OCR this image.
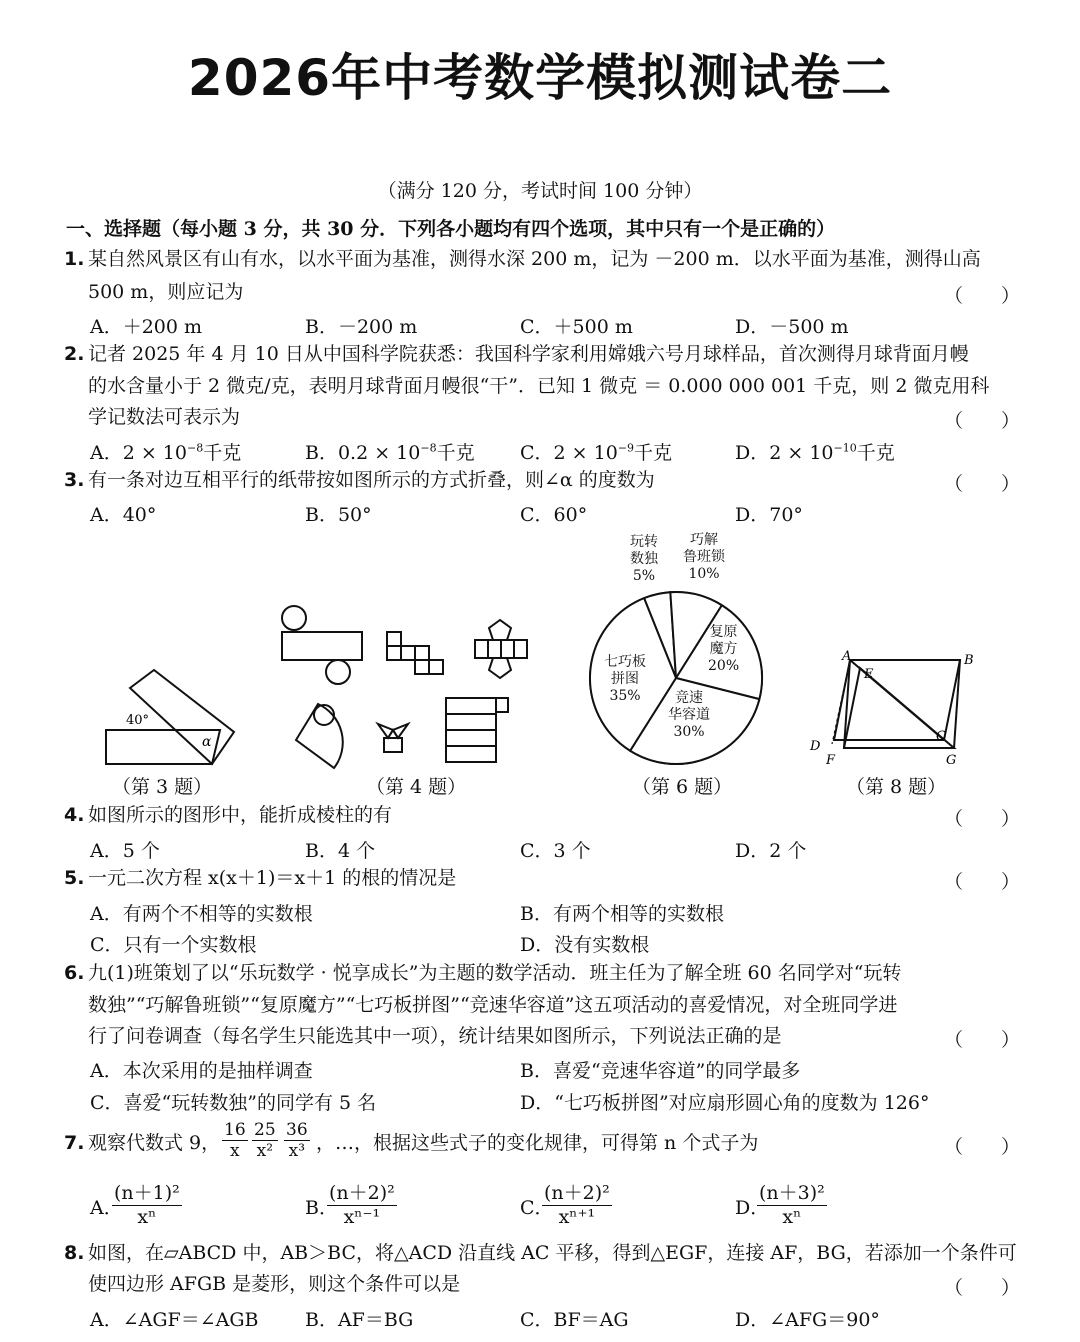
2026年中考数学模拟测试卷二
（满分 120 分，考试时间 100 分钟）
一、选择题（每小题 3 分，共 30 分．下列各小题均有四个选项，其中只有一个是正确的）
1. 某自然风景区有山有水，以水平面为基准，测得水深 200 m，记为 －200 m．以水平面为基准，测得山高
500 m，则应记为	（　　）
A．＋200 m	B．－200 m	C．＋500 m	D．－500 m
2. 记者 2025 年 4 月 10 日从中国科学院获悉：我国科学家利用嫦娥六号月球样品，首次测得月球背面月幔
的水含量小于 2 微克/克，表明月球背面月幔很“干”．已知 1 微克 ＝ 0.000 000 001 千克，则 2 微克用科
学记数法可表示为	（　　）
A．$2 \times 10^{-8}$千克	B．$0.2 \times 10^{-8}$千克 C．$2 \times 10^{-9}$千克	D．$2 \times 10^{-10}$千克
3. 有一条对边互相平行的纸带按如图所示的方式折叠，则∠α 的度数为	（　　）
A．40°	B．50°	C．60°	D．70°
40°
α
（第 3 题）	（第 4 题）
玩转
数独
5%
巧解
鲁班锁
10%
复原
魔方
20%
竞速
华容道
30%
七巧板
拼图
35%
（第 6 题）
A	B
E
C
D
F	G
（第 8 题）
4. 如图所示的图形中，能折成棱柱的有	（　　）
A．5 个	B．4 个	C．3 个	D．2 个
5. 一元二次方程 x(x＋1)＝x＋1 的根的情况是	（　　）
A．有两个不相等的实数根	B．有两个相等的实数根
C．只有一个实数根	D．没有实数根
6. 九(1)班策划了以“乐玩数学 · 悦享成长”为主题的数学活动．班主任为了解全班 60 名同学对“玩转
数独”“巧解鲁班锁”“复原魔方”“七巧板拼图”“竞速华容道”这五项活动的喜爱情况，对全班同学进
行了问卷调查（每名学生只能选其中一项），统计结果如图所示，下列说法正确的是	（　　）
A．本次采用的是抽样调查	B．喜爱“竞速华容道”的同学最多
C．喜爱“玩转数独”的同学有 5 名	D．“七巧板拼图”对应扇形圆心角的度数为 126°
7. 观察代数式 9， $\frac{16}{x} \frac{25}{\text{x²}} \frac{36}{\text{x³}}$ ，…，根据这些式子的变化规律，可得第 n 个式子为	（　　）
A．
$\frac{\text{(n＋1)²}}{\text{xⁿ}}$	B．
$\frac{\text{(n＋2)²}}{\text{xⁿ⁻¹}}$	C．
$\frac{\text{(n＋2)²}}{\text{xⁿ⁺¹}}$	D．
$\frac{\text{(n＋3)²}}{\text{xⁿ}}$
8. 如图，在▱ABCD 中，AB＞BC，将△ACD 沿直线 AC 平移，得到△EGF，连接 AF，BG，若添加一个条件可
使四边形 AFGB 是菱形，则这个条件可以是	（　　）
A．∠AGF＝∠AGB B．AF＝BG	C．BF＝AG	D．∠AFG＝90°
